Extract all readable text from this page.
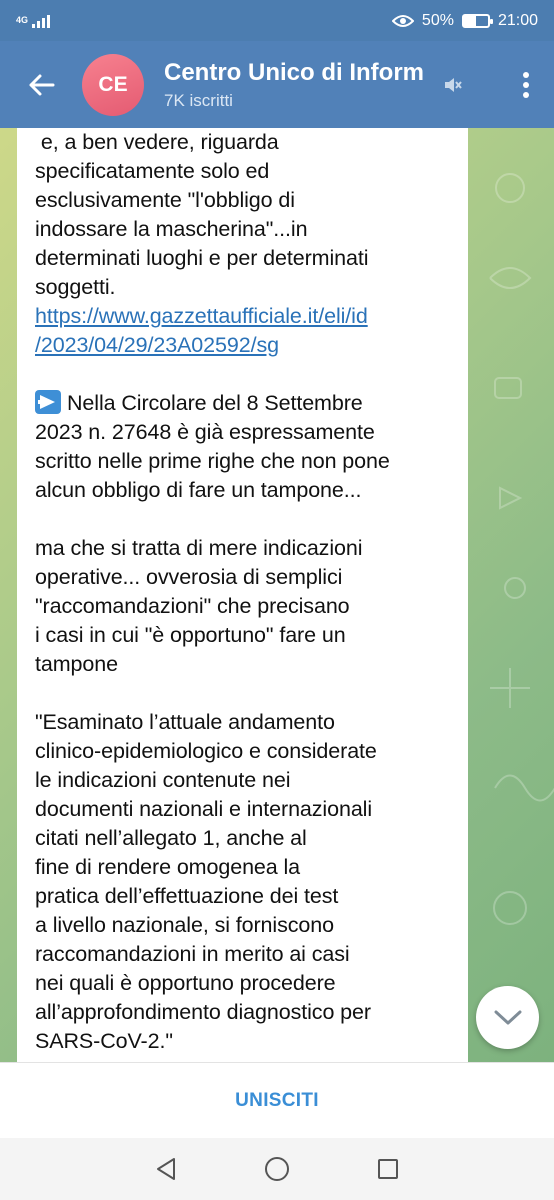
4G	50%	21:00
CE	Centro Unico di Inform
7K iscritti
e, a ben vedere, riguarda
specificatamente solo ed
esclusivamente "l'obbligo di
indossare la mascherina"...in
determinati luoghi e per determinati
soggetti.
https://www.gazzettaufficiale.it/eli/id
/2023/04/29/23A02592/sg

Nella Circolare del 8 Settembre
2023 n. 27648 è già espressamente
scritto nelle prime righe che non pone
alcun obbligo di fare un tampone...

ma che si tratta di mere indicazioni
operative... ovverosia di semplici
"raccomandazioni" che precisano
i casi in cui "è opportuno" fare un
tampone

"Esaminato l’attuale andamento
clinico-epidemiologico e considerate
le indicazioni contenute nei
documenti nazionali e internazionali
citati nell’allegato 1, anche al
fine di rendere omogenea la
pratica dell’effettuazione dei test
a livello nazionale, si forniscono
raccomandazioni in merito ai casi
nei quali è opportuno procedere
all’approfondimento diagnostico per
SARS-CoV-2."
UNISCITI
